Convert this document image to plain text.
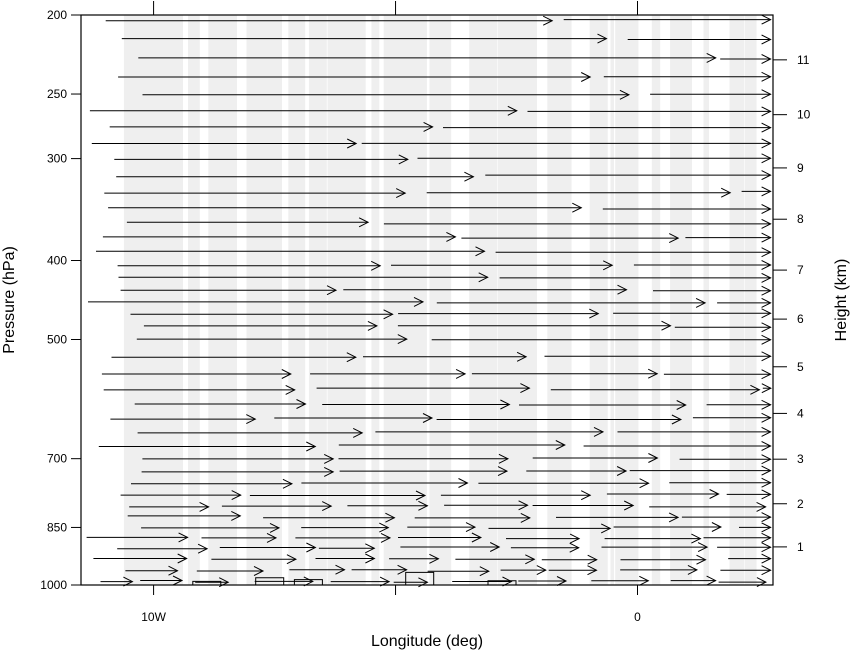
10W	0
200
250
300
400
500
700
850
1000
1
2
3
4
5
6
7
8
9
10
11
Longitude (deg)
Pressure (hPa)	Height (km)
